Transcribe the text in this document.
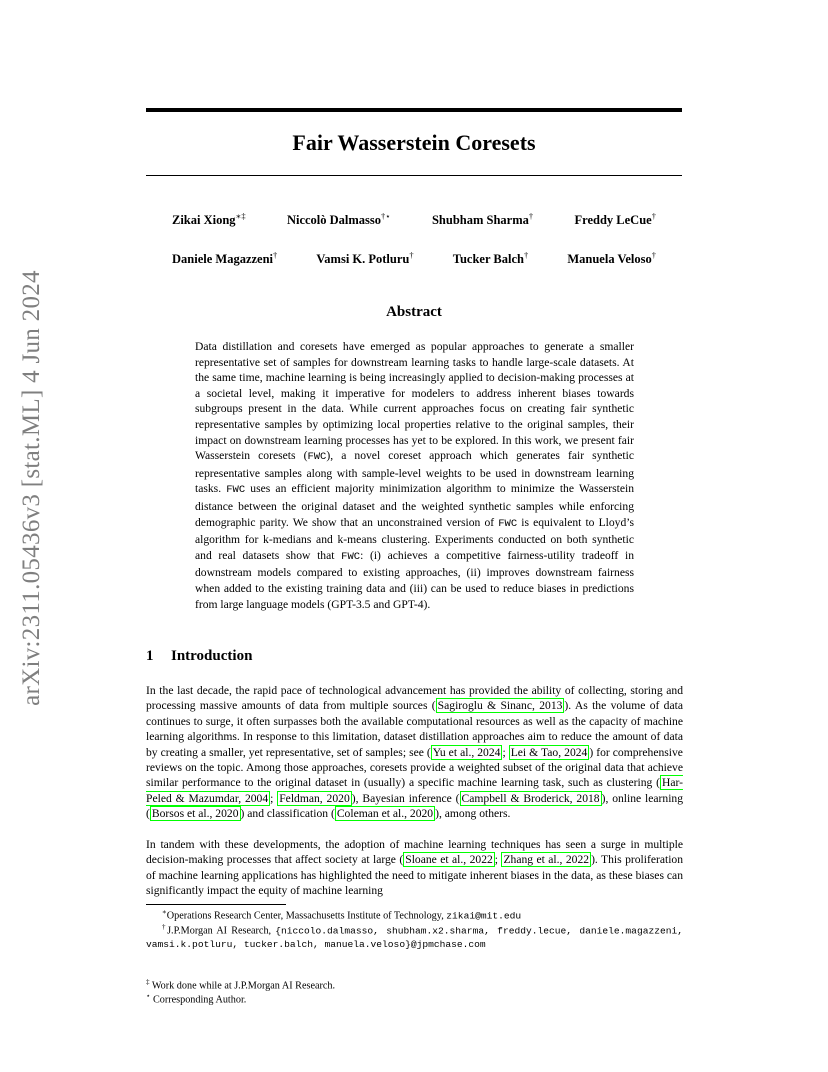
arXiv:2311.05436v3 [stat.ML] 4 Jun 2024
Fair Wasserstein Coresets
Zikai Xiong∗‡	Niccolò Dalmasso†⋆	Shubham Sharma†	Freddy LeCue†
Daniele Magazzeni†	Vamsi K. Potluru†	Tucker Balch†	Manuela Veloso†
Abstract
Data distillation and coresets have emerged as popular approaches to generate a smaller representative set of samples for downstream learning tasks to handle large-scale datasets. At the same time, machine learning is being increasingly applied to decision-making processes at a societal level, making it imperative for modelers to address inherent biases towards subgroups present in the data. While current approaches focus on creating fair synthetic representative samples by optimizing local properties relative to the original samples, their impact on downstream learning processes has yet to be explored. In this work, we present fair Wasserstein coresets (FWC), a novel coreset approach which generates fair synthetic representative samples along with sample-level weights to be used in downstream learning tasks. FWC uses an efficient majority minimization algorithm to minimize the Wasserstein distance between the original dataset and the weighted synthetic samples while enforcing demographic parity. We show that an unconstrained version of FWC is equivalent to Lloyd’s algorithm for k-medians and k-means clustering. Experiments conducted on both synthetic and real datasets show that FWC: (i) achieves a competitive fairness-utility tradeoff in downstream models compared to existing approaches, (ii) improves downstream fairness when added to the existing training data and (iii) can be used to reduce biases in predictions from large language models (GPT-3.5 and GPT-4).
1 Introduction
In the last decade, the rapid pace of technological advancement has provided the ability of collecting, storing and processing massive amounts of data from multiple sources ( Sagiroglu & Sinanc, 2013 ). As the volume of data continues to surge, it often surpasses both the available computational resources as well as the capacity of machine learning algorithms. In response to this limitation, dataset distillation approaches aim to reduce the amount of data by creating a smaller, yet representative, set of samples; see ( Yu et al., 2024 ; Lei & Tao, 2024 ) for comprehensive reviews on the topic. Among those approaches, coresets provide a weighted subset of the original data that achieve similar performance to the original dataset in (usually) a specific machine learning task, such as clustering ( Har-Peled & Mazumdar, 2004 ; Feldman, 2020 ), Bayesian inference ( Campbell & Broderick, 2018 ), online learning ( Borsos et al., 2020 ) and classification ( Coleman et al., 2020 ), among others.
In tandem with these developments, the adoption of machine learning techniques has seen a surge in multiple decision-making processes that affect society at large ( Sloane et al., 2022 ; Zhang et al., 2022 ). This proliferation of machine learning applications has highlighted the need to mitigate inherent biases in the data, as these biases can significantly impact the equity of machine learning
∗Operations Research Center, Massachusetts Institute of Technology, zikai@mit.edu
†J.P.Morgan AI Research, {niccolo.dalmasso, shubham.x2.sharma, freddy.lecue, daniele.magazzeni, vamsi.k.potluru, tucker.balch, manuela.veloso}@jpmchase.com
‡ Work done while at J.P.Morgan AI Research.
⋆ Corresponding Author.
